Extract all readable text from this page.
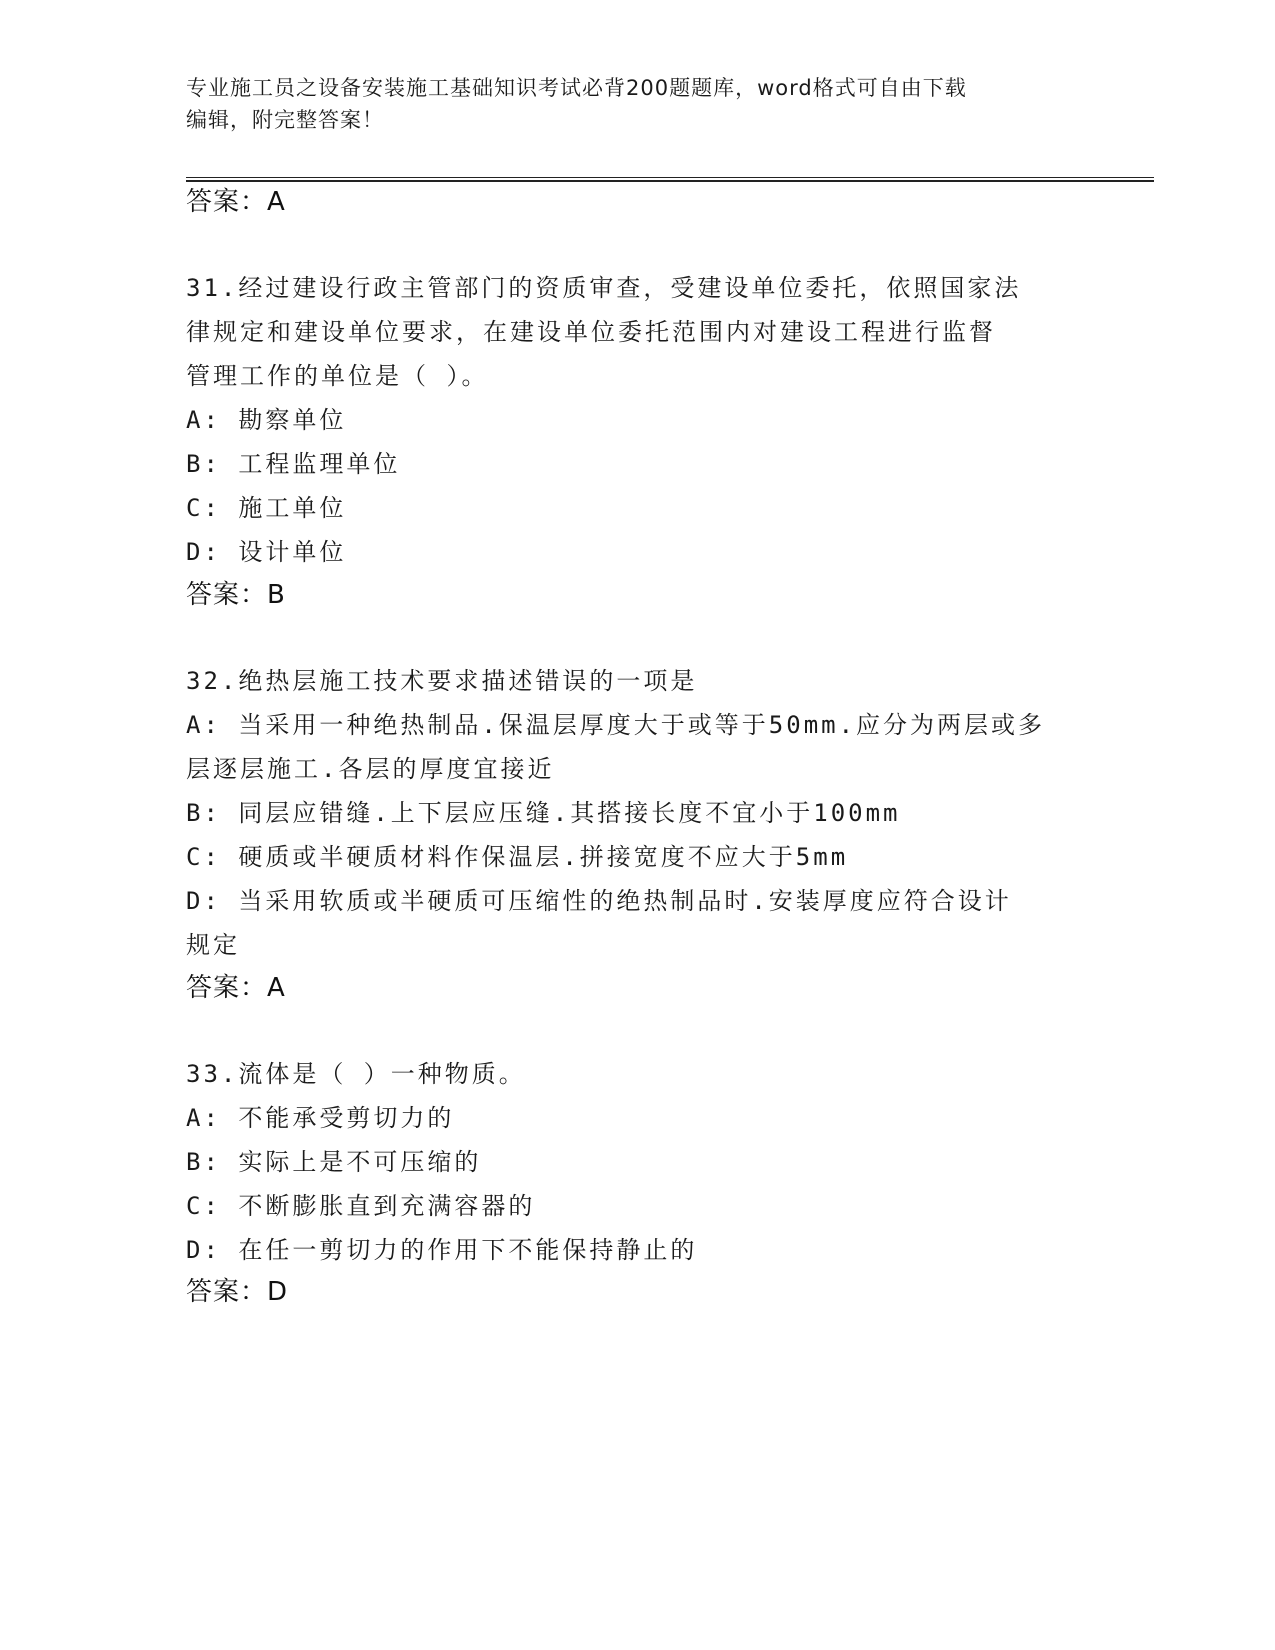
专业施工员之设备安装施工基础知识考试必背200题题库，word格式可自由下载
编辑，附完整答案！
答案：A
31.经过建设行政主管部门的资质审查，受建设单位委托，依照国家法
律规定和建设单位要求，在建设单位委托范围内对建设工程进行监督
管理工作的单位是（ ）。
A: 勘察单位
B: 工程监理单位
C: 施工单位
D: 设计单位
答案：B
32.绝热层施工技术要求描述错误的一项是
A: 当采用一种绝热制品.保温层厚度大于或等于50mm.应分为两层或多
层逐层施工.各层的厚度宜接近
B: 同层应错缝.上下层应压缝.其搭接长度不宜小于100mm
C: 硬质或半硬质材料作保温层.拼接宽度不应大于5mm
D: 当采用软质或半硬质可压缩性的绝热制品时.安装厚度应符合设计
规定
答案：A
33.流体是（ ）一种物质。
A: 不能承受剪切力的
B: 实际上是不可压缩的
C: 不断膨胀直到充满容器的
D: 在任一剪切力的作用下不能保持静止的
答案：D
